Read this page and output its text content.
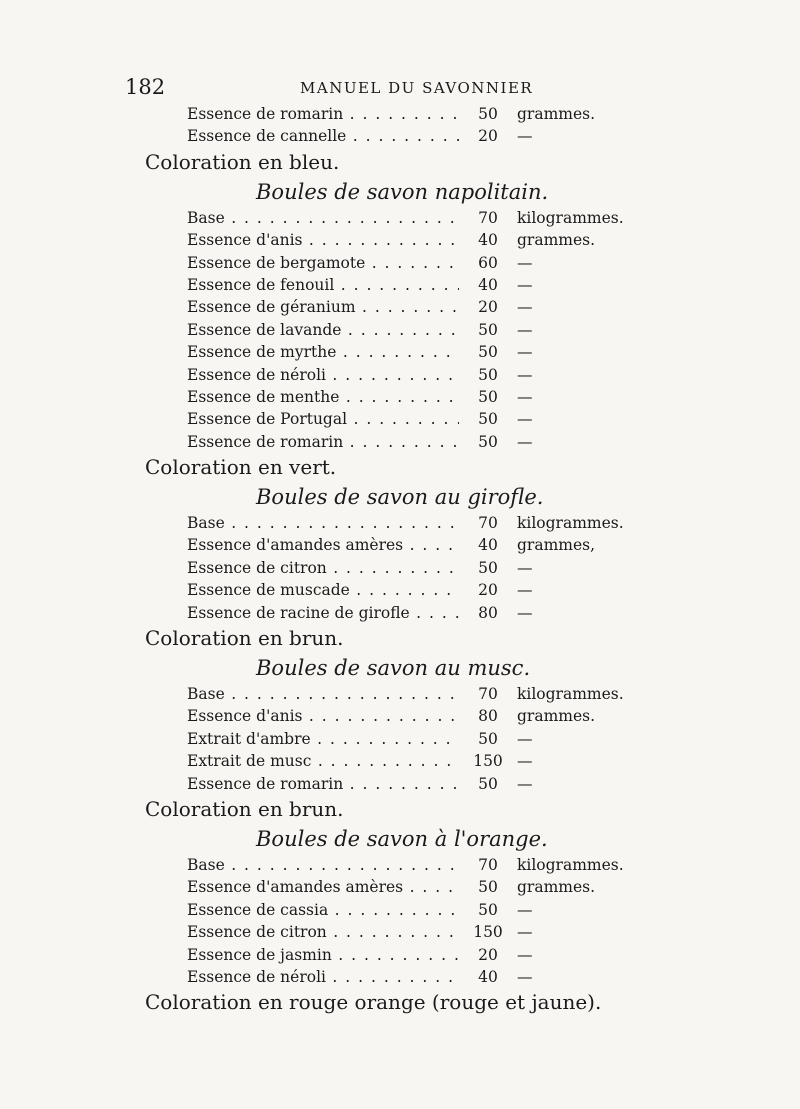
182	MANUEL DU SAVONNIER
Essence de romarin . . .	50	grammes.
Essence de cannelle . . .	20	—
Coloration en bleu.
Boules de savon napolitain.
Base . . .	70	kilogrammes.
Essence d'anis . . .	40	grammes.
Essence de bergamote . . .	60	—
Essence de fenouil . . .	40	—
Essence de géranium . . .	20	—
Essence de lavande . . .	50	—
Essence de myrthe . . .	50	—
Essence de néroli . . .	50	—
Essence de menthe . . .	50	—
Essence de Portugal . . .	50	—
Essence de romarin . . .	50	—
Coloration en vert.
Boules de savon au girofle.
Base . . .	70	kilogrammes.
Essence d'amandes amères . . .	40	grammes,
Essence de citron . . .	50	—
Essence de muscade . . .	20	—
Essence de racine de girofle . . .	80	—
Coloration en brun.
Boules de savon au musc.
Base . . .	70	kilogrammes.
Essence d'anis . . .	80	grammes.
Extrait d'ambre . . .	50	—
Extrait de musc . . .	150 —
Essence de romarin . . .	50	—
Coloration en brun.
Boules de savon à l'orange.
Base . . .	70	kilogrammes.
Essence d'amandes amères . . .	50	grammes.
Essence de cassia . . .	50	—
Essence de citron . . .	150 —
Essence de jasmin . . .	20	—
Essence de néroli . . .	40	—
Coloration en rouge orange (rouge et jaune).
